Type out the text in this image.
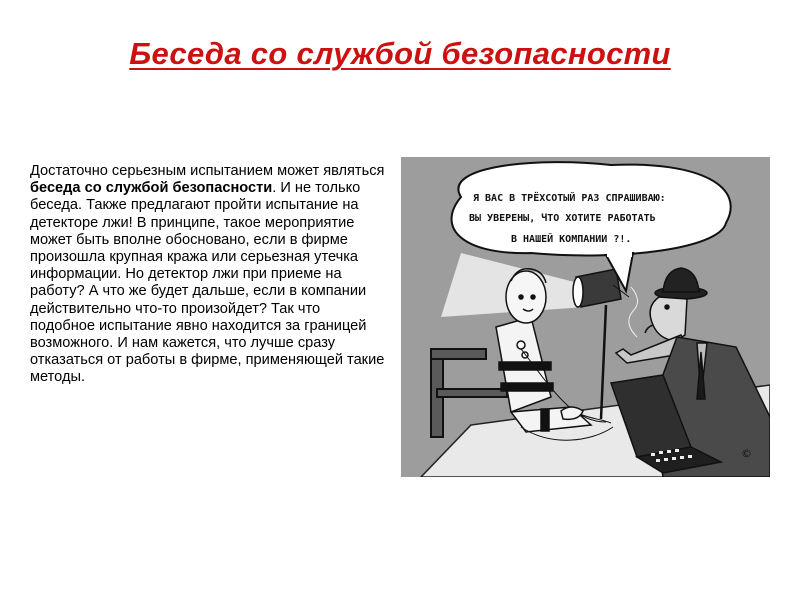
Беседа со службой безопасности
Достаточно серьезным испытанием может являться беседа со службой безопасности. И не только беседа. Также предлагают пройти испытание на детекторе лжи! В принципе, такое мероприятие может быть вполне обосновано, если в фирме произошла крупная кража или серьезная утечка информации. Но детектор лжи при приеме на работу? А что же будет дальше, если в компании действительно что-то произойдет? Так что подобное испытание явно находится за границей возможного. И нам кажется, что лучше сразу отказаться от работы в фирме, применяющей такие методы.
Я ВАС В ТРЁХСОТЫЙ РАЗ СПРАШИВАЮ:
ВЫ УВЕРЕНЫ, ЧТО ХОТИТЕ РАБОТАТЬ
В НАШЕЙ КОМПАНИИ ?!.
©
